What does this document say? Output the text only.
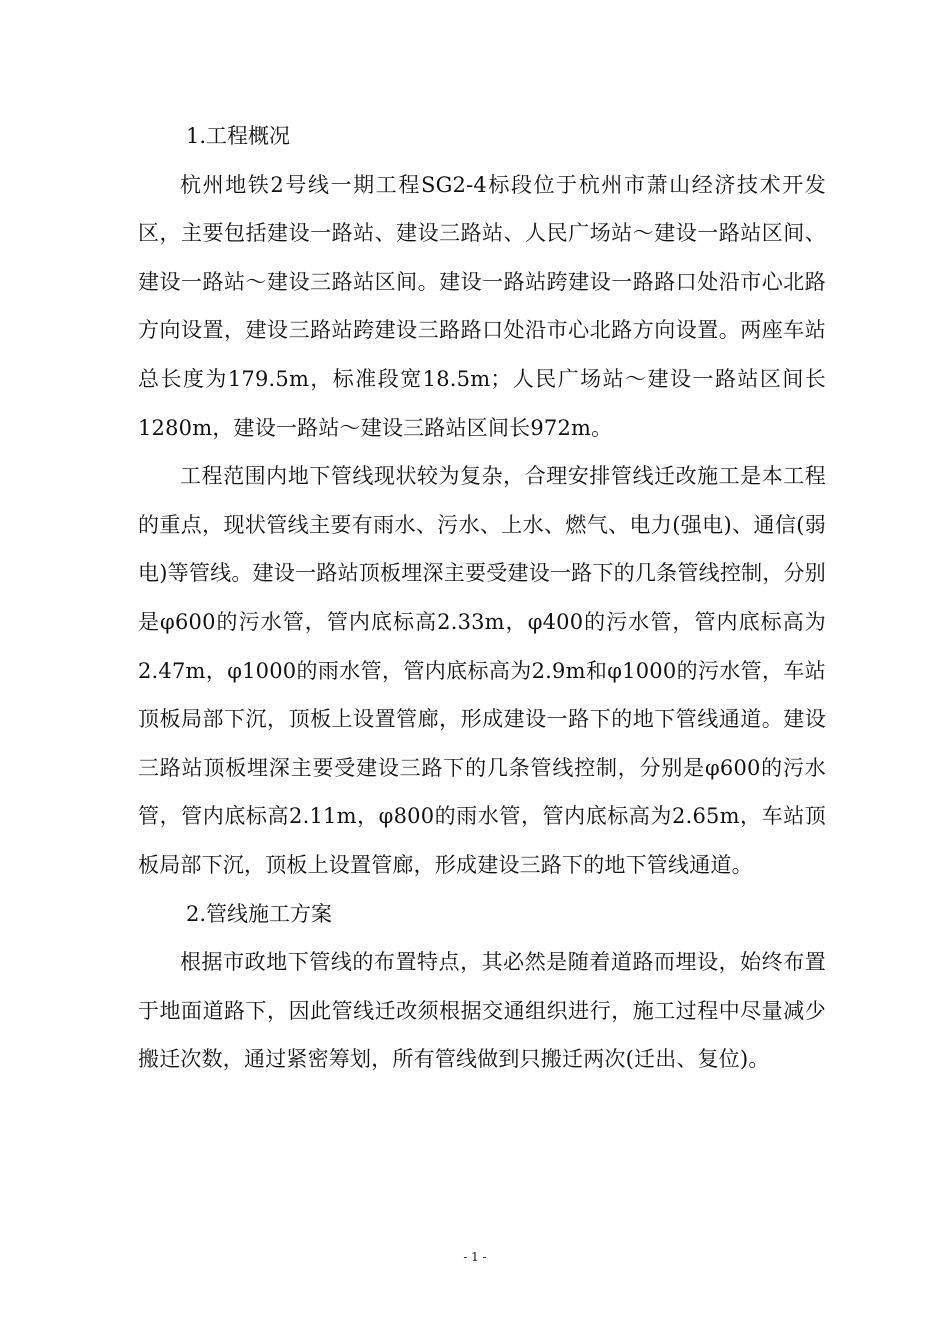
1.工程概况

杭州地铁2号线一期工程SG2-4标段位于杭州市萧山经济技术开发区，主要包括建设一路站、建设三路站、人民广场站～建设一路站区间、建设一路站～建设三路站区间。建设一路站跨建设一路路口处沿市心北路方向设置，建设三路站跨建设三路路口处沿市心北路方向设置。两座车站总长度为179.5m，标准段宽18.5m；人民广场站～建设一路站区间长1280m，建设一路站～建设三路站区间长972m。

工程范围内地下管线现状较为复杂，合理安排管线迁改施工是本工程的重点，现状管线主要有雨水、污水、上水、燃气、电力(强电)、通信(弱电)等管线。建设一路站顶板埋深主要受建设一路下的几条管线控制，分别是φ600的污水管，管内底标高2.33m，φ400的污水管，管内底标高为2.47m，φ1000的雨水管，管内底标高为2.9m和φ1000的污水管，车站顶板局部下沉，顶板上设置管廊，形成建设一路下的地下管线通道。建设三路站顶板埋深主要受建设三路下的几条管线控制，分别是φ600的污水管，管内底标高2.11m，φ800的雨水管，管内底标高为2.65m，车站顶板局部下沉，顶板上设置管廊，形成建设三路下的地下管线通道。

2.管线施工方案

根据市政地下管线的布置特点，其必然是随着道路而埋设，始终布置于地面道路下，因此管线迁改须根据交通组织进行，施工过程中尽量减少搬迁次数，通过紧密筹划，所有管线做到只搬迁两次(迁出、复位)。

- 1 -
